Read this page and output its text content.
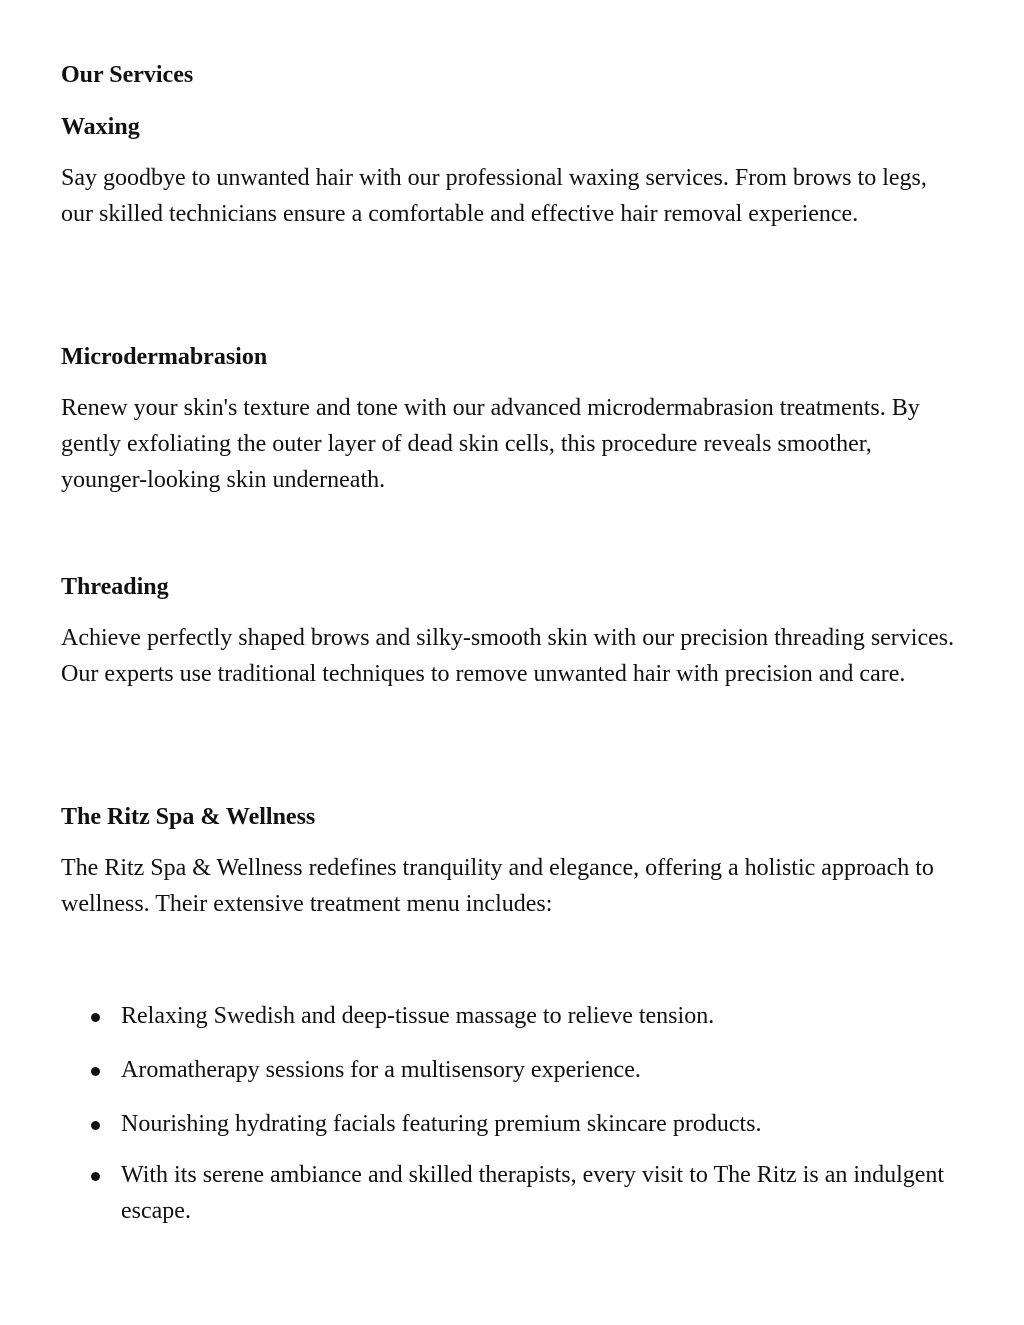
Our Services
Waxing

Say goodbye to unwanted hair with our professional waxing services. From brows to legs, our skilled technicians ensure a comfortable and effective hair removal experience.

Microdermabrasion

Renew your skin's texture and tone with our advanced microdermabrasion treatments. By gently exfoliating the outer layer of dead skin cells, this procedure reveals smoother, younger-looking skin underneath.

Threading

Achieve perfectly shaped brows and silky-smooth skin with our precision threading services. Our experts use traditional techniques to remove unwanted hair with precision and care.

The Ritz Spa & Wellness

The Ritz Spa & Wellness redefines tranquility and elegance, offering a holistic approach to wellness. Their extensive treatment menu includes:

Relaxing Swedish and deep-tissue massage to relieve tension.
Aromatherapy sessions for a multisensory experience.
Nourishing hydrating facials featuring premium skincare products.
With its serene ambiance and skilled therapists, every visit to The Ritz is an indulgent escape.
